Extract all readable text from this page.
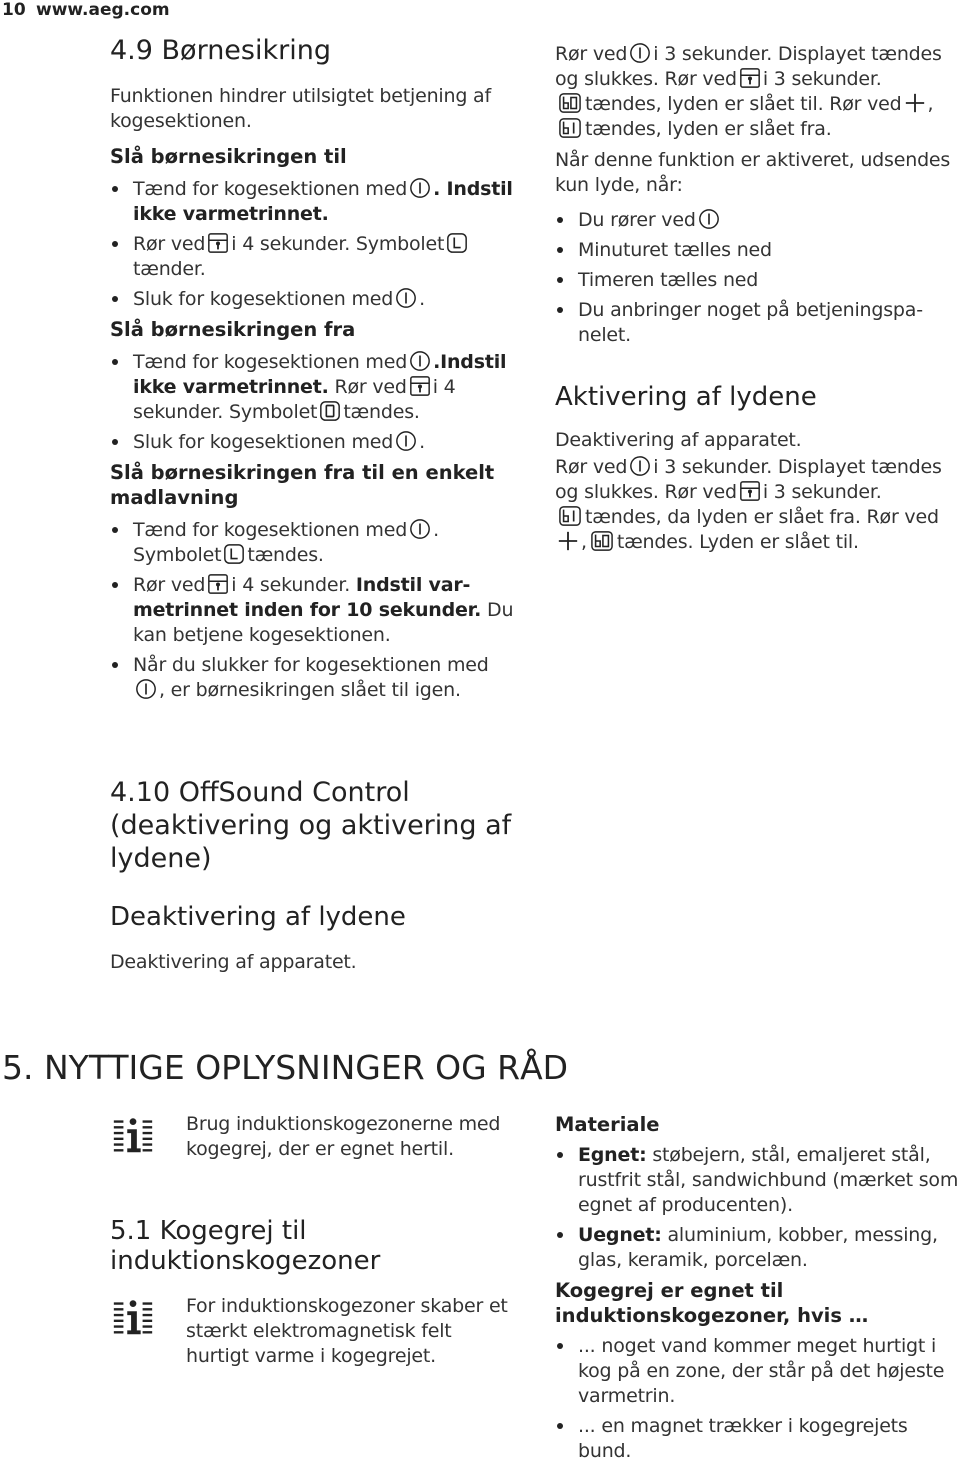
10 www.aeg.com
4.9 Børnesikring
Funktionen hindrer utilsigtet betjening af kogesektionen.
Slå børnesikringen til
Tænd for kogesektionen med . Indstil ikke varmetrinnet.
Rør ved i 4 sekunder. Symbolet
tænder.
Sluk for kogesektionen med .
Slå børnesikringen fra
Tænd for kogesektionen med .Indstil ikke varmetrinnet. Rør ved i 4 sekunder. Symbolet tændes.
Sluk for kogesektionen med .
Slå børnesikringen fra til en enkelt madlavning
Tænd for kogesektionen med . Symbolet tændes.
Rør ved i 4 sekunder. Indstil varmetrinnet inden for 10 sekunder. Du kan betjene kogesektionen.
Når du slukker for kogesektionen med
, er børnesikringen slået til igen.
4.10 OffSound Control (deaktivering og aktivering af lydene)
Deaktivering af lydene
Deaktivering af apparatet.
Rør ved i 3 sekunder. Displayet tændes og slukkes. Rør ved i 3 sekunder.
tændes, lyden er slået til. Rør ved ,
tændes, lyden er slået fra.
Når denne funktion er aktiveret, udsendes kun lyde, når:
Du rører ved
Minuturet tælles ned
Timeren tælles ned
Du anbringer noget på betjeningspanelet.
Aktivering af lydene
Deaktivering af apparatet.
Rør ved i 3 sekunder. Displayet tændes og slukkes. Rør ved i 3 sekunder.
tændes, da lyden er slået fra. Rør ved
, tændes. Lyden er slået til.
5. NYTTIGE OPLYSNINGER OG RÅD
Brug induktionskogezonerne med kogegrej, der er egnet hertil.
5.1 Kogegrej til induktionskogezoner
For induktionskogezoner skaber et stærkt elektromagnetisk felt hurtigt varme i kogegrejet.
Materiale
Egnet: støbejern, stål, emaljeret stål, rustfrit stål, sandwichbund (mærket som egnet af producenten).
Uegnet: aluminium, kobber, messing, glas, keramik, porcelæn.
Kogegrej er egnet til induktionskogezoner, hvis …
... noget vand kommer meget hurtigt i kog på en zone, der står på det højeste varmetrin.
... en magnet trækker i kogegrejets bund.
